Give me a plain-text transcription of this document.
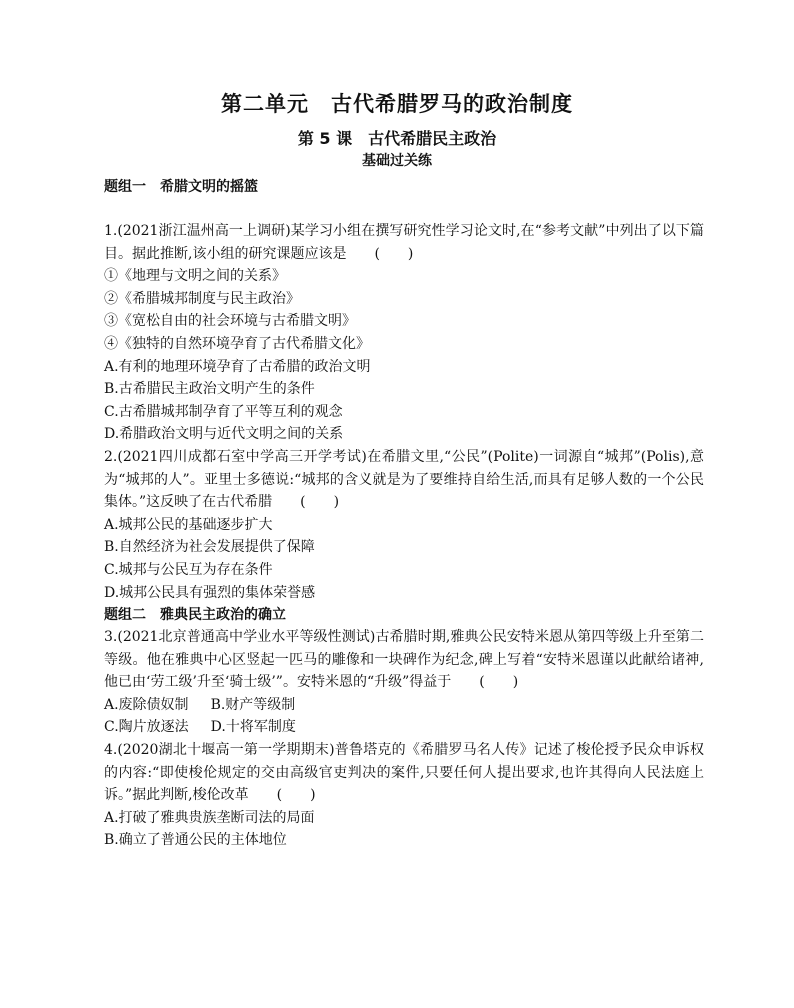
第二单元　古代希腊罗马的政治制度
第 5 课　古代希腊民主政治
基础过关练

题组一　希腊文明的摇篮

1.(2021浙江温州高一上调研)某学习小组在撰写研究性学习论文时,在“参考文献”中列出了以下篇目。据此推断,该小组的研究课题应该是　　(　　)

①《地理与文明之间的关系》

②《希腊城邦制度与民主政治》

③《宽松自由的社会环境与古希腊文明》

④《独特的自然环境孕育了古代希腊文化》

A.有利的地理环境孕育了古希腊的政治文明

B.古希腊民主政治文明产生的条件

C.古希腊城邦制孕育了平等互利的观念

D.希腊政治文明与近代文明之间的关系

2.(2021四川成都石室中学高三开学考试)在希腊文里,“公民”(Polite)一词源自“城邦”(Polis),意为“城邦的人”。亚里士多德说:“城邦的含义就是为了要维持自给生活,而具有足够人数的一个公民集体。”这反映了在古代希腊　　(　　)

A.城邦公民的基础逐步扩大

B.自然经济为社会发展提供了保障

C.城邦与公民互为存在条件

D.城邦公民具有强烈的集体荣誉感

题组二　雅典民主政治的确立

3.(2021北京普通高中学业水平等级性测试)古希腊时期,雅典公民安特米恩从第四等级上升至第二等级。他在雅典中心区竖起一匹马的雕像和一块碑作为纪念,碑上写着“安特米恩谨以此献给诸神,他已由‘劳工级’升至‘骑士级’”。安特米恩的“升级”得益于　　(　　)

A.废除债奴制 B.财产等级制

C.陶片放逐法 D.十将军制度

4.(2020湖北十堰高一第一学期期末)普鲁塔克的《希腊罗马名人传》记述了梭伦授予民众申诉权的内容:“即使梭伦规定的交由高级官吏判决的案件,只要任何人提出要求,也许其得向人民法庭上诉。”据此判断,梭伦改革　　(　　)

A.打破了雅典贵族垄断司法的局面

B.确立了普通公民的主体地位
